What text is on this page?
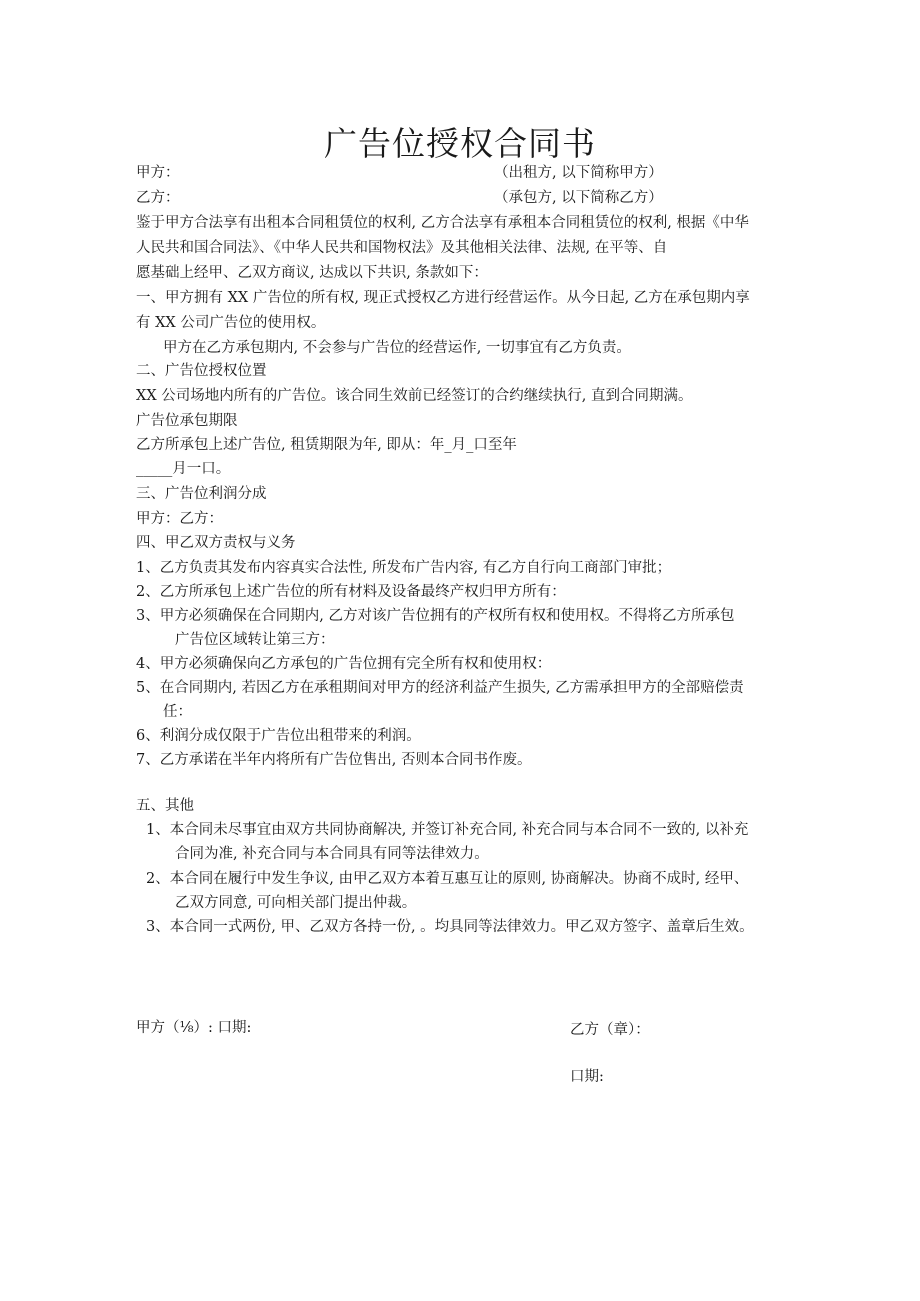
广告位授权合同书
甲方：	（出租方, 以下简称甲方）
乙方：	（承包方, 以下简称乙方）
鉴于甲方合法享有出租本合同租赁位的权利, 乙方合法享有承租本合同租赁位的权利, 根据《中华
人民共和国合同法》、《中华人民共和国物权法》及其他相关法律、法规, 在平等、自
愿基础上经甲、乙双方商议, 达成以下共识, 条款如下：
一、甲方拥有 XX 广告位的所有权, 现正式授权乙方进行经营运作。从今日起, 乙方在承包期内享
有 XX 公司广告位的使用权。
甲方在乙方承包期内, 不会参与广告位的经营运作, 一切事宜有乙方负责。
二、广告位授权位置
XX 公司场地内所有的广告位。该合同生效前已经签订的合约继续执行, 直到合同期满。
广告位承包期限
乙方所承包上述广告位, 租赁期限为年, 即从：年_月_口至年
_____月一口。
三、广告位利润分成
甲方：乙方：
四、甲乙双方责权与义务
1、乙方负责其发布内容真实合法性, 所发布广告内容, 有乙方自行向工商部门审批；
2、乙方所承包上述广告位的所有材料及设备最终产权归甲方所有：
3、甲方必须确保在合同期内, 乙方对该广告位拥有的产权所有权和使用权。不得将乙方所承包
广告位区域转让第三方：
4、甲方必须确保向乙方承包的广告位拥有完全所有权和使用权：
5、在合同期内, 若因乙方在承租期间对甲方的经济利益产生损失, 乙方需承担甲方的全部赔偿责
任：
6、利润分成仅限于广告位出租带来的利润。
7、乙方承诺在半年内将所有广告位售出, 否则本合同书作废。
五、其他
1、本合同未尽事宜由双方共同协商解决, 并签订补充合同, 补充合同与本合同不一致的, 以补充
合同为准, 补充合同与本合同具有同等法律效力。
2、本合同在履行中发生争议, 由甲乙双方本着互惠互让的原则, 协商解决。协商不成时, 经甲、
乙双方同意, 可向相关部门提出仲裁。
3、本合同一式两份, 甲、乙双方各持一份, 。均具同等法律效力。甲乙双方签字、盖章后生效。
甲方（⅛）: 口期:	乙方（章）：
口期:
